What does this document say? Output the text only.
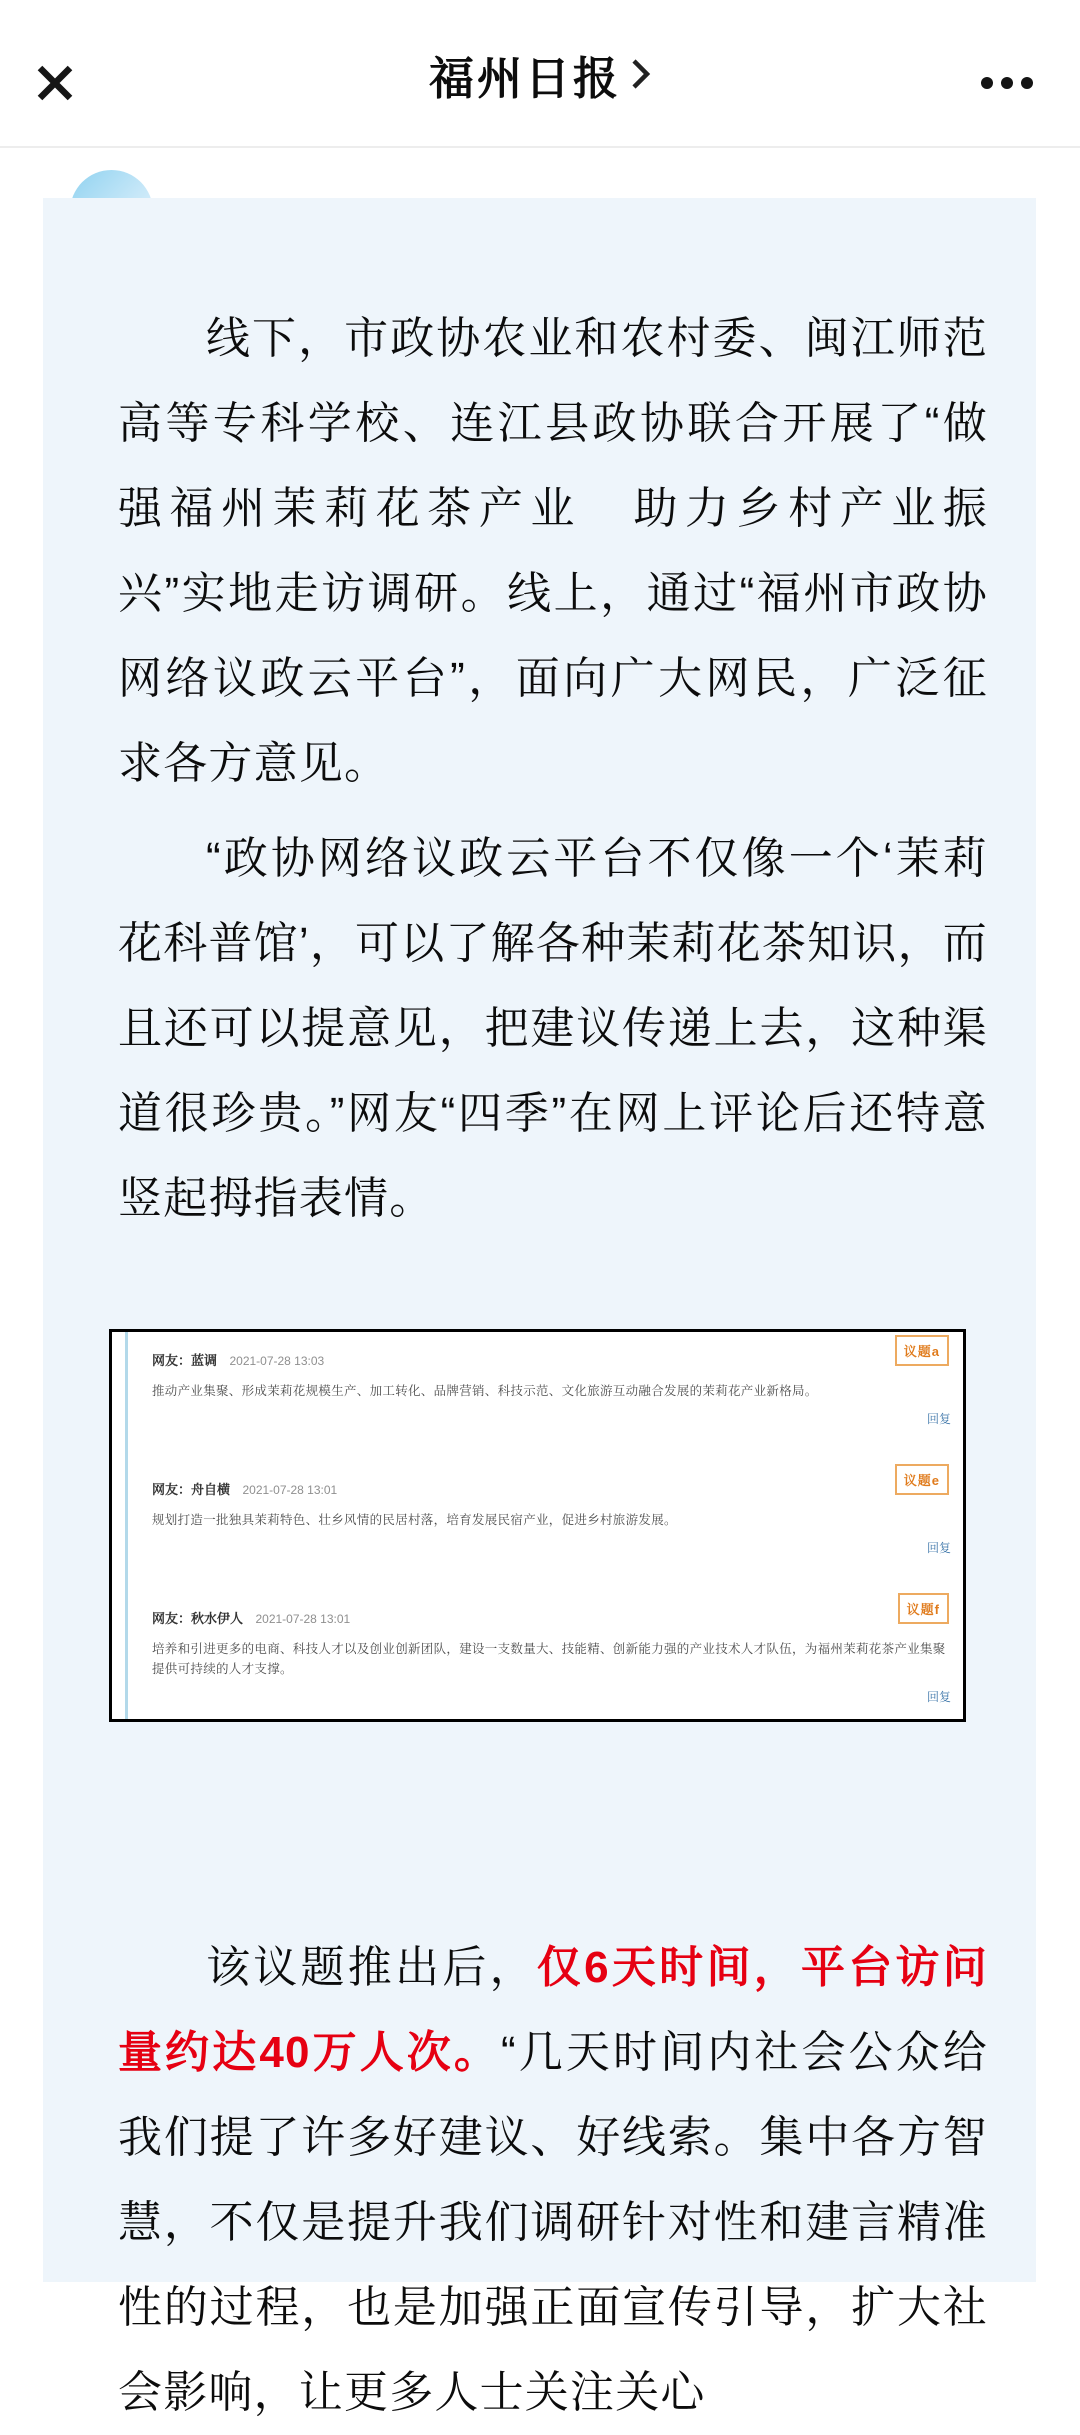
福州日报

线下，市政协农业和农村委、闽江师范高等专科学校、连江县政协联合开展了“做强福州茉莉花茶产业　助力乡村产业振兴”实地走访调研。线上，通过“福州市政协网络议政云平台”，面向广大网民，广泛征求各方意见。

“政协网络议政云平台不仅像一个‘茉莉花科普馆’，可以了解各种茉莉花茶知识，而且还可以提意见，把建议传递上去，这种渠道很珍贵。”网友“四季”在网上评论后还特意竖起拇指表情。

议题a
网友：蓝调 2021-07-28 13:03
推动产业集聚、形成茉莉花规模生产、加工转化、品牌营销、科技示范、文化旅游互动融合发展的茉莉花产业新格局。
回复
议题e
网友：舟自横 2021-07-28 13:01
规划打造一批独具茉莉特色、壮乡风情的民居村落，培育发展民宿产业，促进乡村旅游发展。
回复
议题f
网友：秋水伊人 2021-07-28 13:01
培养和引进更多的电商、科技人才以及创业创新团队，建设一支数量大、技能精、创新能力强的产业技术人才队伍，为福州茉莉花茶产业集聚提供可持续的人才支撑。
回复

该议题推出后，仅6天时间，平台访问量约达40万人次。“几天时间内社会公众给我们提了许多好建议、好线索。集中各方智慧，不仅是提升我们调研针对性和建言精准性的过程，也是加强正面宣传引导，扩大社会影响，让更多人士关注关心
